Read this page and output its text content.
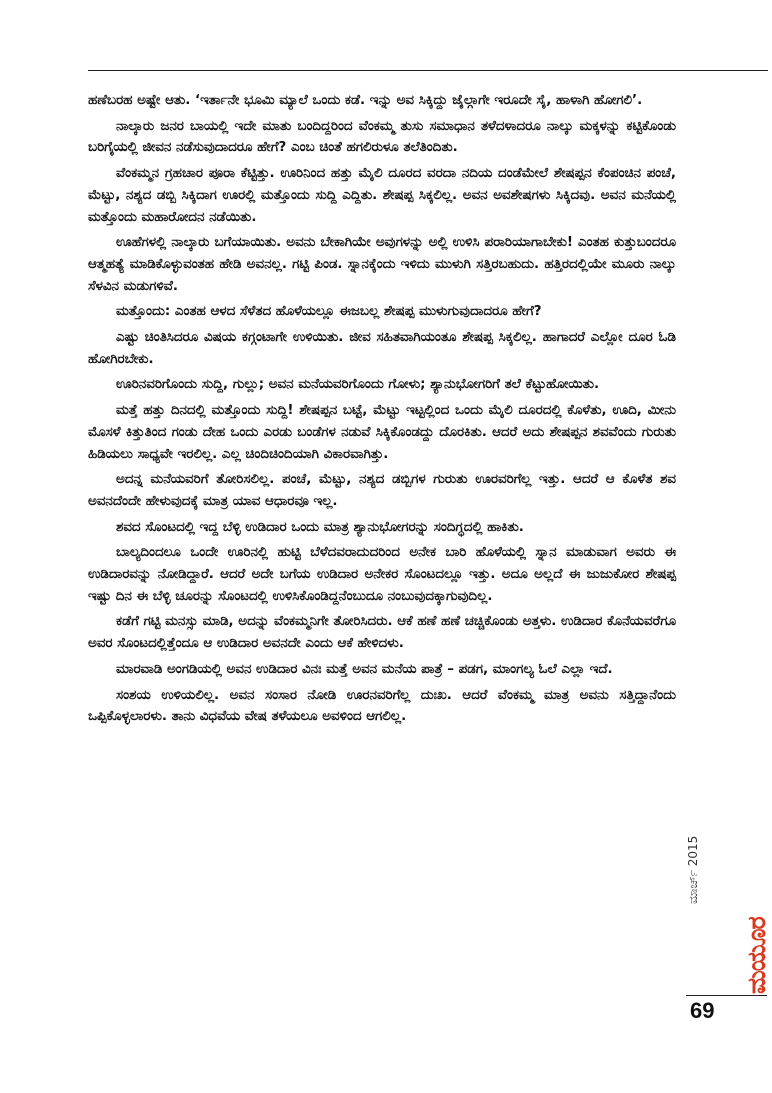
ಹಣೆಬರಹ ಅಷ್ಟೇ ಆತು. ‘ಇರ್ತಾನೇ ಭೂಮಿ ಮ್ಯಾಲೆ ಒಂದು ಕಡೆ. ಇನ್ನು ಅವ ಸಿಕ್ಕಿದ್ದು ಜೈಲ್ಗಾಗೇ ಇರೂದೇ ಸೈ, ಹಾಳಾಗಿ ಹೋಗಲಿ’.

ನಾಲ್ಕಾರು ಜನರ ಬಾಯಲ್ಲಿ ಇದೇ ಮಾತು ಬಂದಿದ್ದರಿಂದ ವೆಂಕಮ್ಮ ತುಸು ಸಮಾಧಾನ ತಳೆದಳಾದರೂ ನಾಲ್ಕು ಮಕ್ಕಳನ್ನು ಕಟ್ಟಿಕೊಂಡು ಬರಿಗೈಯಲ್ಲಿ ಜೀವನ ನಡೆಸುವುದಾದರೂ ಹೇಗೆ? ಎಂಬ ಚಿಂತೆ ಹಗಲಿರುಳೂ ತಲೆತಿಂದಿತು.

ವೆಂಕಮ್ಮನ ಗ್ರಹಚಾರ ಪೂರಾ ಕೆಟ್ಟಿತ್ತು. ಊರಿನಿಂದ ಹತ್ತು ಮೈಲಿ ದೂರದ ವರದಾ ನದಿಯ ದಂಡೆಮೇಲೆ ಶೇಷಪ್ಪನ ಕೆಂಪಂಚಿನ ಪಂಚೆ, ಮೆಟ್ಟು, ನಶ್ಯದ ಡಬ್ಬಿ ಸಿಕ್ಕಿದಾಗ ಊರಲ್ಲಿ ಮತ್ತೊಂದು ಸುದ್ದಿ ಎದ್ದಿತು. ಶೇಷಪ್ಪ ಸಿಕ್ಕಲಿಲ್ಲ. ಅವನ ಅವಶೇಷಗಳು ಸಿಕ್ಕಿದವು. ಅವನ ಮನೆಯಲ್ಲಿ ಮತ್ತೊಂದು ಮಹಾರೋದನ ನಡೆಯಿತು.

ಊಹೆಗಳಲ್ಲಿ ನಾಲ್ಕಾರು ಬಗೆಯಾಯಿತು. ಅವನು ಬೇಕಾಗಿಯೇ ಅವುಗಳನ್ನು ಅಲ್ಲಿ ಉಳಿಸಿ ಪರಾರಿಯಾಗಾಬೇಕು! ಎಂತಹ ಕುತ್ತುಬಂದರೂ ಆತ್ಮಹತ್ಯೆ ಮಾಡಿಕೊಳ್ಳುವಂತಹ ಹೇಡಿ ಅವನಲ್ಲ. ಗಟ್ಟಿ ಪಿಂಡ. ಸ್ನಾನಕ್ಕೆಂದು ಇಳಿದು ಮುಳುಗಿ ಸತ್ತಿರಬಹುದು. ಹತ್ತಿರದಲ್ಲಿಯೇ ಮೂರು ನಾಲ್ಕು ಸೆಳವಿನ ಮಡುಗಳಿವೆ.

ಮತ್ತೊಂದು: ಎಂತಹ ಆಳದ ಸೆಳೆತದ ಹೊಳೆಯಲ್ಲೂ ಈಜಬಲ್ಲ ಶೇಷಪ್ಪ ಮುಳುಗುವುದಾದರೂ ಹೇಗೆ?

ಎಷ್ಟು ಚಿಂತಿಸಿದರೂ ವಿಷಯ ಕಗ್ಗಂಟಾಗೇ ಉಳಿಯಿತು. ಜೀವ ಸಹಿತವಾಗಿಯಂತೂ ಶೇಷಪ್ಪ ಸಿಕ್ಕಲಿಲ್ಲ. ಹಾಗಾದರೆ ಎಲ್ಲೋ ದೂರ ಓಡಿ ಹೋಗಿರಬೇಕು.

ಊರಿನವರಿಗೊಂದು ಸುದ್ದಿ, ಗುಲ್ಲು; ಅವನ ಮನೆಯವರಿಗೊಂದು ಗೋಳು; ಶ್ಯಾನುಭೋಗರಿಗೆ ತಲೆ ಕೆಟ್ಟುಹೋಯಿತು.

ಮತ್ತೆ ಹತ್ತು ದಿನದಲ್ಲಿ ಮತ್ತೊಂದು ಸುದ್ದಿ! ಶೇಷಪ್ಪನ ಬಟ್ಟೆ, ಮೆಟ್ಟು ಇಟ್ಟಲ್ಲಿಂದ ಒಂದು ಮೈಲಿ ದೂರದಲ್ಲಿ ಕೊಳೆತು, ಊದಿ, ಮೀನು ಮೊಸಳೆ ಕಿತ್ತುತಿಂದ ಗಂಡು ದೇಹ ಒಂದು ಎರಡು ಬಂಡೆಗಳ ನಡುವೆ ಸಿಕ್ಕಿಕೊಂಡದ್ದು ದೊರಕಿತು. ಆದರೆ ಅದು ಶೇಷಪ್ಪನ ಶವವೆಂದು ಗುರುತು ಹಿಡಿಯಲು ಸಾಧ್ಯವೇ ಇರಲಿಲ್ಲ. ಎಲ್ಲ ಚಿಂದಿಚಿಂದಿಯಾಗಿ ವಿಕಾರವಾಗಿತ್ತು.

ಅದನ್ನ ಮನೆಯವರಿಗೆ ತೋರಿಸಲಿಲ್ಲ. ಪಂಚೆ, ಮೆಟ್ಟು, ನಶ್ಯದ ಡಬ್ಬಿಗಳ ಗುರುತು ಊರವರಿಗೆಲ್ಲ ಇತ್ತು. ಆದರೆ ಆ ಕೊಳೆತ ಶವ ಅವನದೆಂದೇ ಹೇಳುವುದಕ್ಕೆ ಮಾತ್ರ ಯಾವ ಆಧಾರವೂ ಇಲ್ಲ.

ಶವದ ಸೊಂಟದಲ್ಲಿ ಇದ್ದ ಬೆಳ್ಳಿ ಉಡಿದಾರ ಒಂದು ಮಾತ್ರ ಶ್ಯಾನುಭೋಗರನ್ನು ಸಂದಿಗ್ಧದಲ್ಲಿ ಹಾಕಿತು.

ಬಾಲ್ಯದಿಂದಲೂ ಒಂದೇ ಊರಿನಲ್ಲಿ ಹುಟ್ಟಿ ಬೆಳೆದವರಾದುದರಿಂದ ಅನೇಕ ಬಾರಿ ಹೊಳೆಯಲ್ಲಿ ಸ್ನಾನ ಮಾಡುವಾಗ ಅವರು ಈ ಉಡಿದಾರವನ್ನು ನೋಡಿದ್ದಾರೆ. ಆದರೆ ಅದೇ ಬಗೆಯ ಉಡಿದಾರ ಅನೇಕರ ಸೊಂಟದಲ್ಲೂ ಇತ್ತು. ಅದೂ ಅಲ್ಲದೆ ಈ ಜುಜುಕೋರ ಶೇಷಪ್ಪ ಇಷ್ಟು ದಿನ ಈ ಬೆಳ್ಳಿ ಚೂರನ್ನು ಸೊಂಟದಲ್ಲಿ ಉಳಿಸಿಕೊಂಡಿದ್ದನೆಂಬುದೂ ನಂಬುವುದಕ್ಕಾಗುವುದಿಲ್ಲ.

ಕಡೆಗೆ ಗಟ್ಟಿ ಮನಸ್ಸು ಮಾಡಿ, ಅದನ್ನು ವೆಂಕಮ್ಮನಿಗೇ ತೋರಿಸಿದರು. ಆಕೆ ಹಣೆ ಹಣೆ ಚಚ್ಚಿಕೊಂಡು ಅತ್ತಳು. ಉಡಿದಾರ ಕೊನೆಯವರೆಗೂ ಅವರ ಸೊಂಟದಲ್ಲಿತ್ತೆಂದೂ ಆ ಉಡಿದಾರ ಅವನದೇ ಎಂದು ಆಕೆ ಹೇಳಿದಳು.

ಮಾರವಾಡಿ ಅಂಗಡಿಯಲ್ಲಿ ಅವನ ಉಡಿದಾರ ವಿನಃ ಮತ್ತೆ ಅವನ ಮನೆಯ ಪಾತ್ರೆ – ಪಡಗ, ಮಾಂಗಲ್ಯ ಓಲೆ ಎಲ್ಲಾ ಇದೆ.

ಸಂಶಯ ಉಳಿಯಲಿಲ್ಲ. ಅವನ ಸಂಸಾರ ನೋಡಿ ಊರನವರಿಗೆಲ್ಲ ದುಃಖ. ಆದರೆ ವೆಂಕಮ್ಮ ಮಾತ್ರ ಅವನು ಸತ್ತಿದ್ದಾನೆಂದು ಒಪ್ಪಿಕೊಳ್ಳಲಾರಳು. ತಾನು ವಿಧವೆಯ ವೇಷ ತಳೆಯಲೂ ಅವಳಿಂದ ಆಗಲಿಲ್ಲ.

ಮಾರ್ಚ್ 2015
ಮಯೂರ
69
